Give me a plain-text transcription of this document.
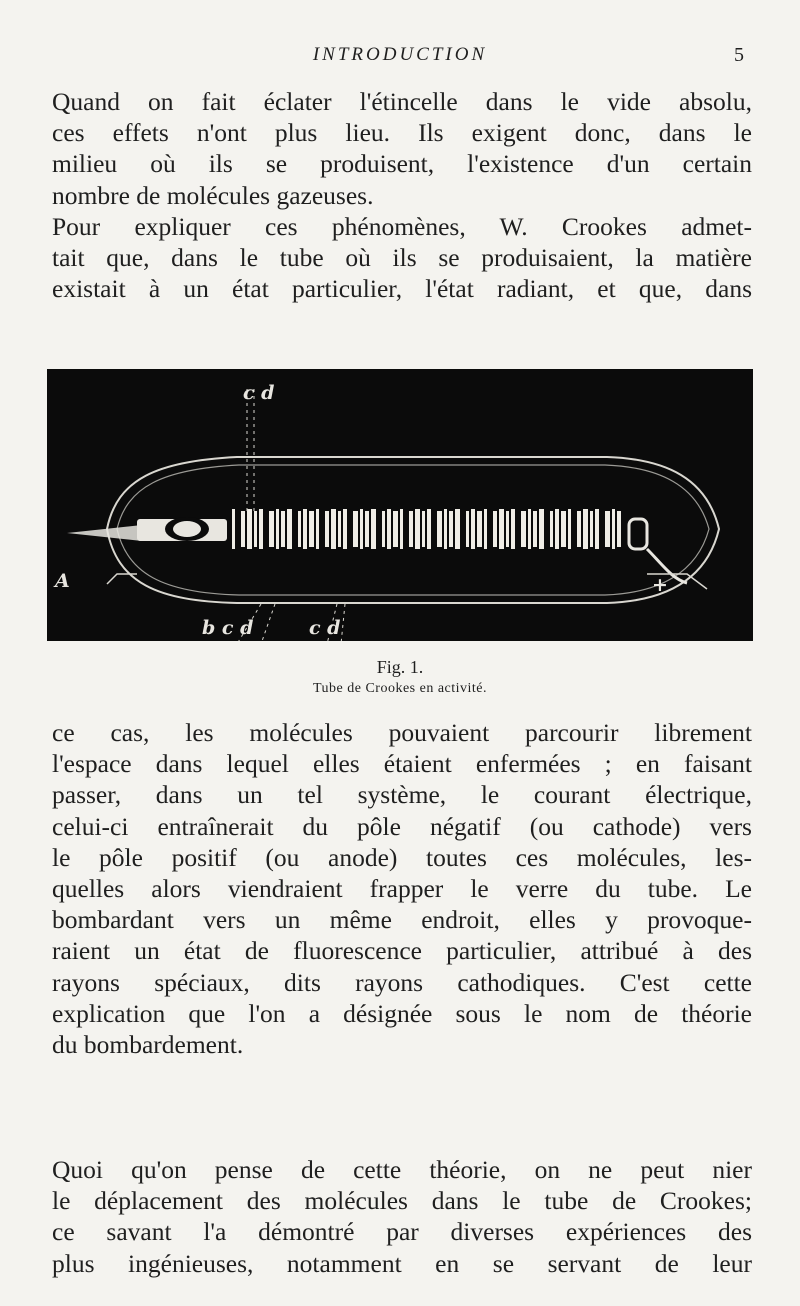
INTRODUCTION	5
Quand on fait éclater l'étincelle dans le vide absolu,
ces effets n'ont plus lieu. Ils exigent donc, dans le
milieu où ils se produisent, l'existence d'un certain
nombre de molécules gazeuses.
Pour expliquer ces phénomènes, W. Crookes admet-
tait que, dans le tube où ils se produisaient, la matière
existait à un état particulier, l'état radiant, et que, dans
c d
b c d	c d
A	+
Fig. 1.
Tube de Crookes en activité.
ce cas, les molécules pouvaient parcourir librement
l'espace dans lequel elles étaient enfermées ; en faisant
passer, dans un tel système, le courant électrique,
celui-ci entraînerait du pôle négatif (ou cathode) vers
le pôle positif (ou anode) toutes ces molécules, les-
quelles alors viendraient frapper le verre du tube. Le
bombardant vers un même endroit, elles y provoque-
raient un état de fluorescence particulier, attribué à des
rayons spéciaux, dits rayons cathodiques. C'est cette
explication que l'on a désignée sous le nom de théorie
du bombardement.
Quoi qu'on pense de cette théorie, on ne peut nier
le déplacement des molécules dans le tube de Crookes;
ce savant l'a démontré par diverses expériences des
plus ingénieuses, notamment en se servant de leur
